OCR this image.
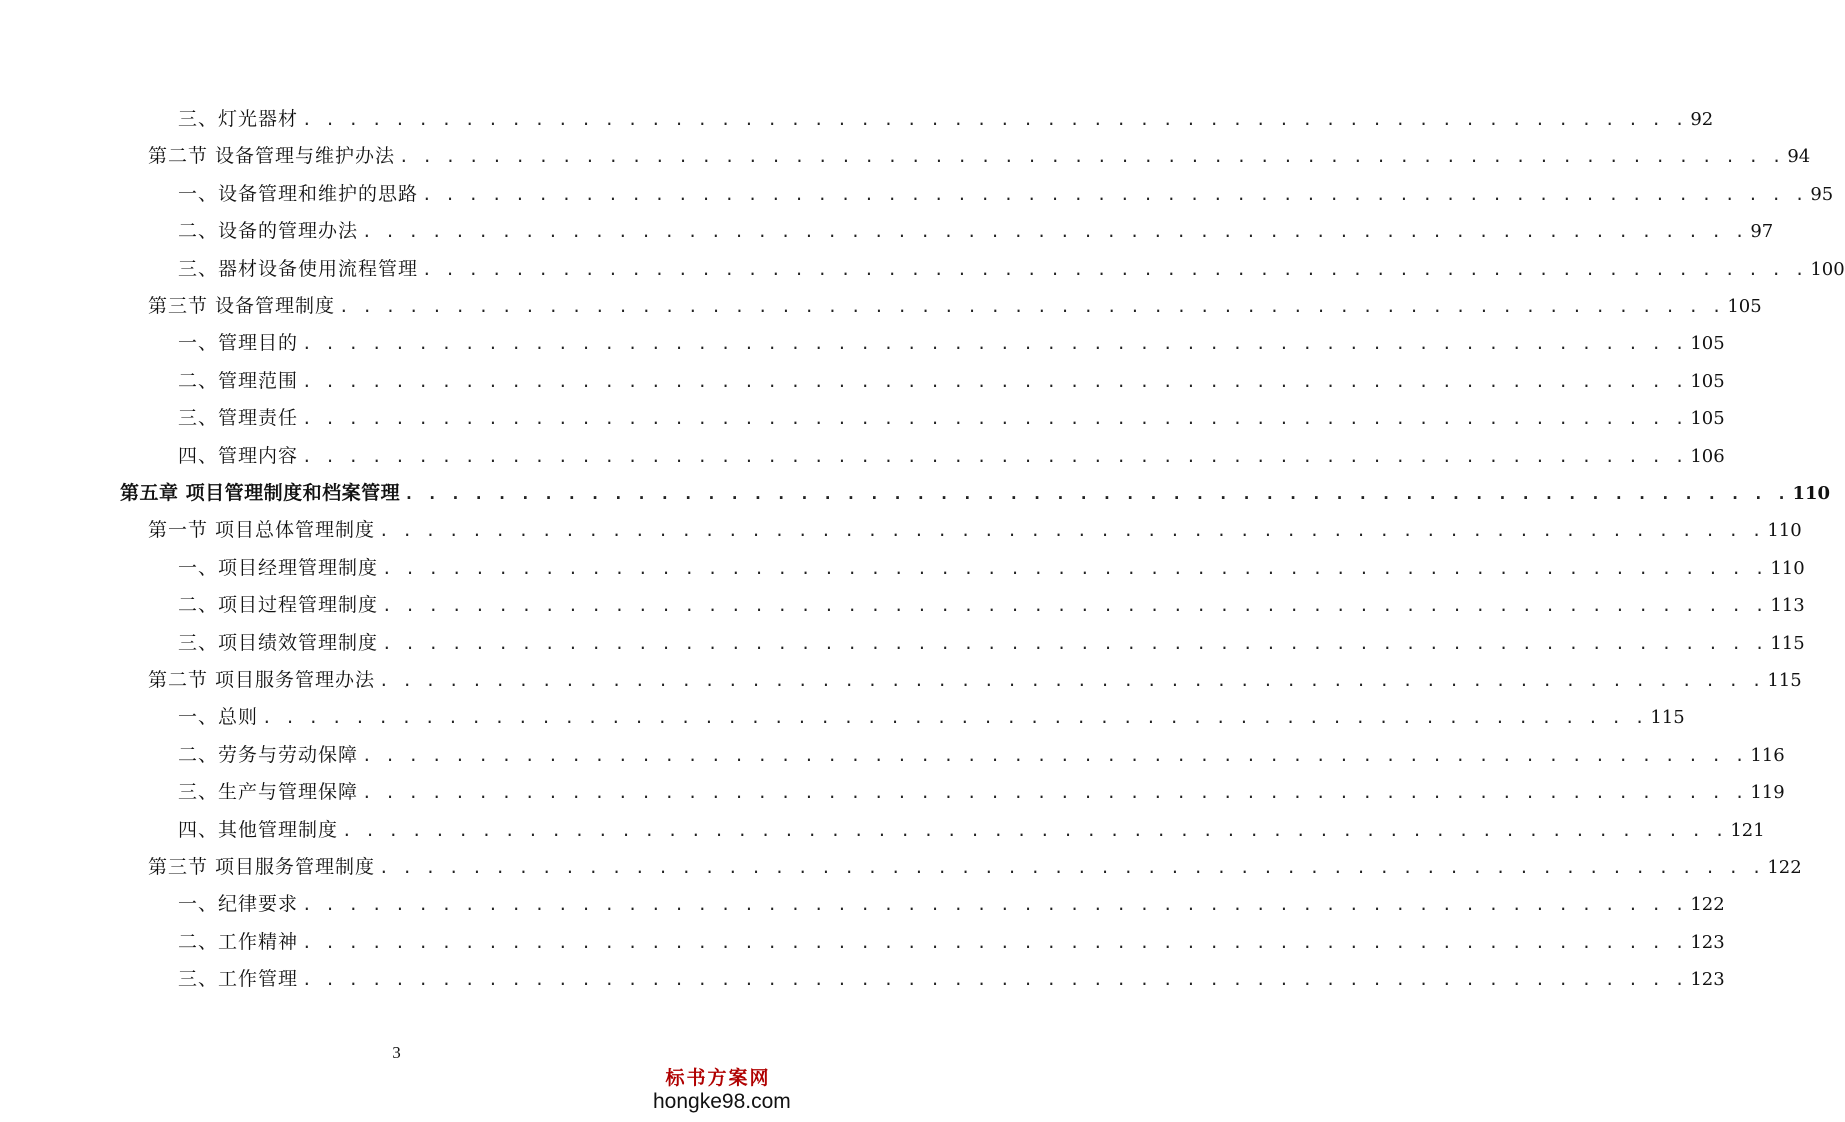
三、灯光器材 . . . . . . . . . . . . . . . . . . . . . . . . . . . . . . . . . . . . . . . . . . . . . . . . . . . . . . . . . . . . 92
第二节 设备管理与维护办法 . . . . . . . . . . . . . . . . . . . . . . . . . . . . . . . . . . . . . . . . . . . . . . . . . . . . . . . . . . . . 94
一、设备管理和维护的思路 . . . . . . . . . . . . . . . . . . . . . . . . . . . . . . . . . . . . . . . . . . . . . . . . . . . . . . . . . . . . 95
二、设备的管理办法 . . . . . . . . . . . . . . . . . . . . . . . . . . . . . . . . . . . . . . . . . . . . . . . . . . . . . . . . . . . . 97
三、器材设备使用流程管理 . . . . . . . . . . . . . . . . . . . . . . . . . . . . . . . . . . . . . . . . . . . . . . . . . . . . . . . . . . . . 100
第三节 设备管理制度 . . . . . . . . . . . . . . . . . . . . . . . . . . . . . . . . . . . . . . . . . . . . . . . . . . . . . . . . . . . . 105
一、管理目的 . . . . . . . . . . . . . . . . . . . . . . . . . . . . . . . . . . . . . . . . . . . . . . . . . . . . . . . . . . . . 105
二、管理范围 . . . . . . . . . . . . . . . . . . . . . . . . . . . . . . . . . . . . . . . . . . . . . . . . . . . . . . . . . . . . 105
三、管理责任 . . . . . . . . . . . . . . . . . . . . . . . . . . . . . . . . . . . . . . . . . . . . . . . . . . . . . . . . . . . . 105
四、管理内容 . . . . . . . . . . . . . . . . . . . . . . . . . . . . . . . . . . . . . . . . . . . . . . . . . . . . . . . . . . . . 106
第五章 项目管理制度和档案管理 . . . . . . . . . . . . . . . . . . . . . . . . . . . . . . . . . . . . . . . . . . . . . . . . . . . . . . . . . . . . 110
第一节 项目总体管理制度 . . . . . . . . . . . . . . . . . . . . . . . . . . . . . . . . . . . . . . . . . . . . . . . . . . . . . . . . . . . . 110
一、项目经理管理制度 . . . . . . . . . . . . . . . . . . . . . . . . . . . . . . . . . . . . . . . . . . . . . . . . . . . . . . . . . . . . 110
二、项目过程管理制度 . . . . . . . . . . . . . . . . . . . . . . . . . . . . . . . . . . . . . . . . . . . . . . . . . . . . . . . . . . . . 113
三、项目绩效管理制度 . . . . . . . . . . . . . . . . . . . . . . . . . . . . . . . . . . . . . . . . . . . . . . . . . . . . . . . . . . . . 115
第二节 项目服务管理办法 . . . . . . . . . . . . . . . . . . . . . . . . . . . . . . . . . . . . . . . . . . . . . . . . . . . . . . . . . . . . 115
一、总则 . . . . . . . . . . . . . . . . . . . . . . . . . . . . . . . . . . . . . . . . . . . . . . . . . . . . . . . . . . . . 115
二、劳务与劳动保障 . . . . . . . . . . . . . . . . . . . . . . . . . . . . . . . . . . . . . . . . . . . . . . . . . . . . . . . . . . . . 116
三、生产与管理保障 . . . . . . . . . . . . . . . . . . . . . . . . . . . . . . . . . . . . . . . . . . . . . . . . . . . . . . . . . . . . 119
四、其他管理制度 . . . . . . . . . . . . . . . . . . . . . . . . . . . . . . . . . . . . . . . . . . . . . . . . . . . . . . . . . . . . 121
第三节 项目服务管理制度 . . . . . . . . . . . . . . . . . . . . . . . . . . . . . . . . . . . . . . . . . . . . . . . . . . . . . . . . . . . . 122
一、纪律要求 . . . . . . . . . . . . . . . . . . . . . . . . . . . . . . . . . . . . . . . . . . . . . . . . . . . . . . . . . . . . 122
二、工作精神 . . . . . . . . . . . . . . . . . . . . . . . . . . . . . . . . . . . . . . . . . . . . . . . . . . . . . . . . . . . . 123
三、工作管理 . . . . . . . . . . . . . . . . . . . . . . . . . . . . . . . . . . . . . . . . . . . . . . . . . . . . . . . . . . . . 123
3
标书方案网
hongke98.com
